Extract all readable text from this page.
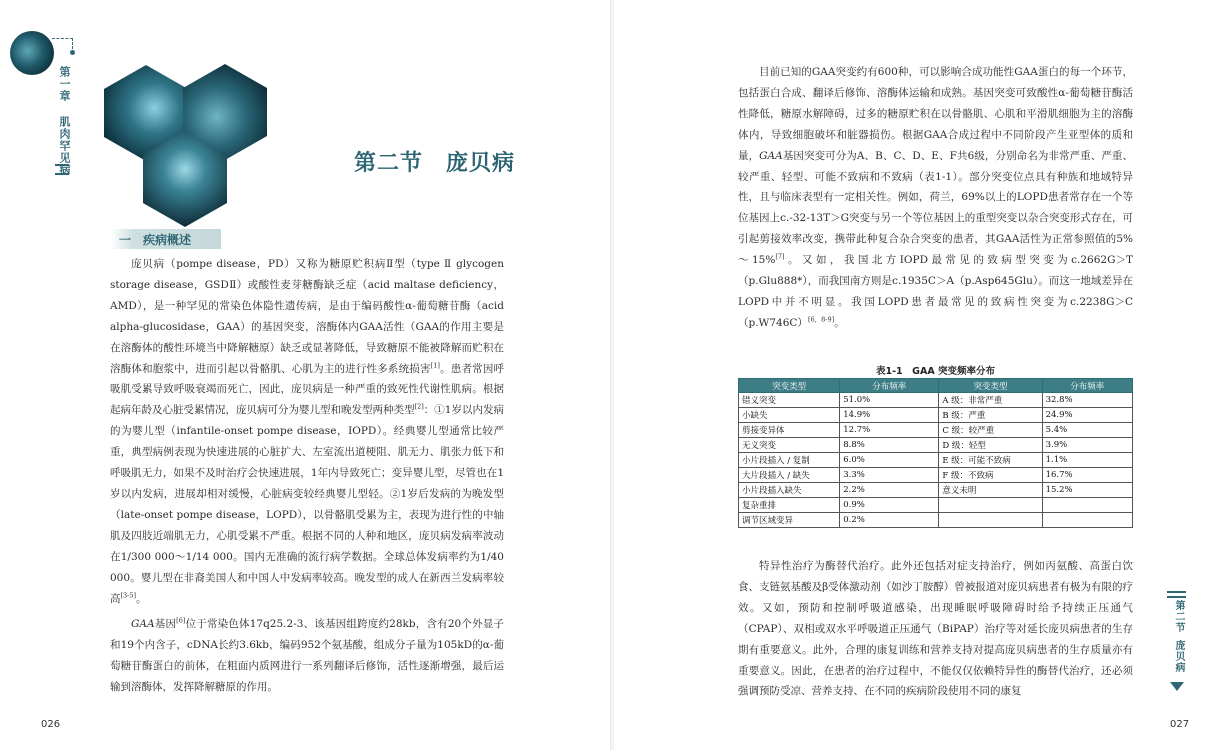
第一章
肌肉罕见病	第二节　庞贝病
一　疾病概述

庞贝病（pompe disease，PD）又称为糖原贮积病Ⅱ型（type Ⅱ glycogen storage disease，GSDⅡ）或酸性麦芽糖酶缺乏症（acid maltase deficiency，AMD），是一种罕见的常染色体隐性遗传病，是由于编码酸性α-葡萄糖苷酶（acid alpha-glucosidase，GAA）的基因突变，溶酶体内GAA活性（GAA的作用主要是在溶酶体的酸性环境当中降解糖原）缺乏或显著降低，导致糖原不能被降解而贮积在溶酶体和胞浆中，进而引起以骨骼肌、心肌为主的进行性多系统损害[1]。患者常因呼吸肌受累导致呼吸衰竭而死亡，因此，庞贝病是一种严重的致死性代谢性肌病。根据起病年龄及心脏受累情况，庞贝病可分为婴儿型和晚发型两种类型[2]：①1岁以内发病的为婴儿型（infantile-onset pompe disease，IOPD）。经典婴儿型通常比较严重，典型病例表现为快速进展的心脏扩大、左室流出道梗阻、肌无力、肌张力低下和呼吸肌无力，如果不及时治疗会快速进展，1年内导致死亡；变异婴儿型，尽管也在1岁以内发病，进展却相对缓慢，心脏病变较经典婴儿型轻。②1岁后发病的为晚发型（late-onset pompe disease，LOPD），以骨骼肌受累为主，表现为进行性的中轴肌及四肢近端肌无力，心肌受累不严重。根据不同的人种和地区，庞贝病发病率波动在1/300 000～1/14 000。国内无准确的流行病学数据。全球总体发病率约为1/40 000。婴儿型在非裔美国人和中国人中发病率较高。晚发型的成人在新西兰发病率较高[3-5]。

GAA基因[6]位于常染色体17q25.2-3、该基因组跨度约28kb，含有20个外显子和19个内含子，cDNA长约3.6kb，编码952个氨基酸，组成分子量为105kD的α-葡萄糖苷酶蛋白的前体，在粗面内质网进行一系列翻译后修饰，活性逐渐增强，最后运输到溶酶体，发挥降解糖原的作用。

026

目前已知的GAA突变约有600种，可以影响合成功能性GAA蛋白的每一个环节，包括蛋白合成、翻译后修饰、溶酶体运输和成熟。基因突变可致酸性α-葡萄糖苷酶活性降低，糖原水解障碍，过多的糖原贮积在以骨骼肌、心肌和平滑肌细胞为主的溶酶体内，导致细胞破坏和脏器损伤。根据GAA合成过程中不同阶段产生亚型体的质和量，GAA基因突变可分为A、B、C、D、E、F共6级，分别命名为非常严重、严重、较严重、轻型、可能不致病和不致病（表1-1）。部分突变位点具有种族和地域特异性，且与临床表型有一定相关性。例如，荷兰，69%以上的LOPD患者常存在一个等位基因上c.-32-13T＞G突变与另一个等位基因上的重型突变以杂合突变形式存在，可引起剪接效率改变，携带此种复合杂合突变的患者，其GAA活性为正常参照值的5%～15%[7]。又如，我国北方IOPD最常见的致病型突变为c.2662G＞T（p.Glu888*），而我国南方则是c.1935C＞A（p.Asp645Glu）。而这一地域差异在LOPD中并不明显。我国LOPD患者最常见的致病性突变为c.2238G＞C（p.W746C）[6，8-9]。

表1-1　GAA 突变频率分布
突变类型	分布频率	突变类型	分布频率
错义突变	51.0%	A 级：非常严重	32.8%
小缺失	14.9%	B 级：严重	24.9%
剪接变异体	12.7%	C 级：较严重	5.4%
无义突变	8.8%	D 级：轻型	3.9%
小片段插入 / 复制	6.0%	E 级：可能不致病	1.1%
大片段插入 / 缺失	3.3%	F 级：不致病	16.7%
小片段插入缺失	2.2%	意义未明	15.2%
复杂重排	0.9%		
调节区域变异	0.2%		

特异性治疗为酶替代治疗。此外还包括对症支持治疗，例如丙氨酸、高蛋白饮食、支链氨基酸及β受体激动剂（如沙丁胺醇）曾被报道对庞贝病患者有极为有限的疗效。又如，预防和控制呼吸道感染，出现睡眠呼吸障碍时给予持续正压通气（CPAP）、双相或双水平呼吸道正压通气（BiPAP）治疗等对延长庞贝病患者的生存期有重要意义。此外，合理的康复训练和营养支持对提高庞贝病患者的生存质量亦有重要意义。因此，在患者的治疗过程中，不能仅仅依赖特异性的酶替代治疗，还必须强调预防受凉、营养支持、在不同的疾病阶段使用不同的康复

第二节
庞贝病
027
